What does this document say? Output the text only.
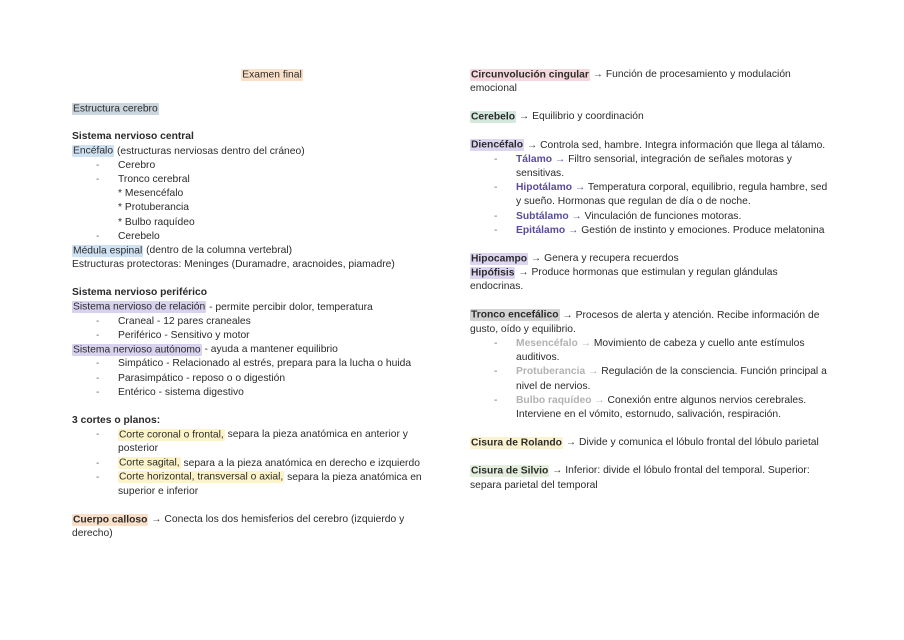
Examen final

Estructura cerebro

Sistema nervioso central

Encéfalo (estructuras nerviosas dentro del cráneo)

- Cerebro

- Tronco cerebral

* Mesencéfalo

* Protuberancia

* Bulbo raquídeo

- Cerebelo

Médula espinal (dentro de la columna vertebral)

Estructuras protectoras: Meninges (Duramadre, aracnoides, piamadre)

Sistema nervioso periférico

Sistema nervioso de relación - permite percibir dolor, temperatura

- Craneal - 12 pares craneales

- Periférico - Sensitivo y motor

Sistema nervioso autónomo - ayuda a mantener equilibrio

- Simpático - Relacionado al estrés, prepara para la lucha o huida

- Parasimpático - reposo o o digestión

- Entérico - sistema digestivo

3 cortes o planos:

- Corte coronal o frontal, separa la pieza anatómica en anterior y posterior

- Corte sagital, separa a la pieza anatómica en derecho e izquierdo

- Corte horizontal, transversal o axial, separa la pieza anatómica en superior e inferior

Cuerpo calloso → Conecta los dos hemisferios del cerebro (izquierdo y derecho)

Circunvolución cingular → Función de procesamiento y modulación emocional

Cerebelo → Equilibrio y coordinación

Diencéfalo → Controla sed, hambre. Integra información que llega al tálamo.

- Tálamo → Filtro sensorial, integración de señales motoras y sensitivas.

- Hipotálamo → Temperatura corporal, equilibrio, regula hambre, sed y sueño. Hormonas que regulan de día o de noche.

- Subtálamo → Vinculación de funciones motoras.

- Epitálamo → Gestión de instinto y emociones. Produce melatonina

Hipocampo → Genera y recupera recuerdos

Hipófisis → Produce hormonas que estimulan y regulan glándulas endocrinas.

Tronco encefálico → Procesos de alerta y atención. Recibe información de gusto, oído y equilibrio.

- Mesencéfalo → Movimiento de cabeza y cuello ante estímulos auditivos.

- Protuberancia → Regulación de la consciencia. Función principal a nivel de nervios.

- Bulbo raquídeo → Conexión entre algunos nervios cerebrales. Interviene en el vómito, estornudo, salivación, respiración.

Cisura de Rolando → Divide y comunica el lóbulo frontal del lóbulo parietal

Cisura de Silvio → Inferior: divide el lóbulo frontal del temporal. Superior: separa parietal del temporal
